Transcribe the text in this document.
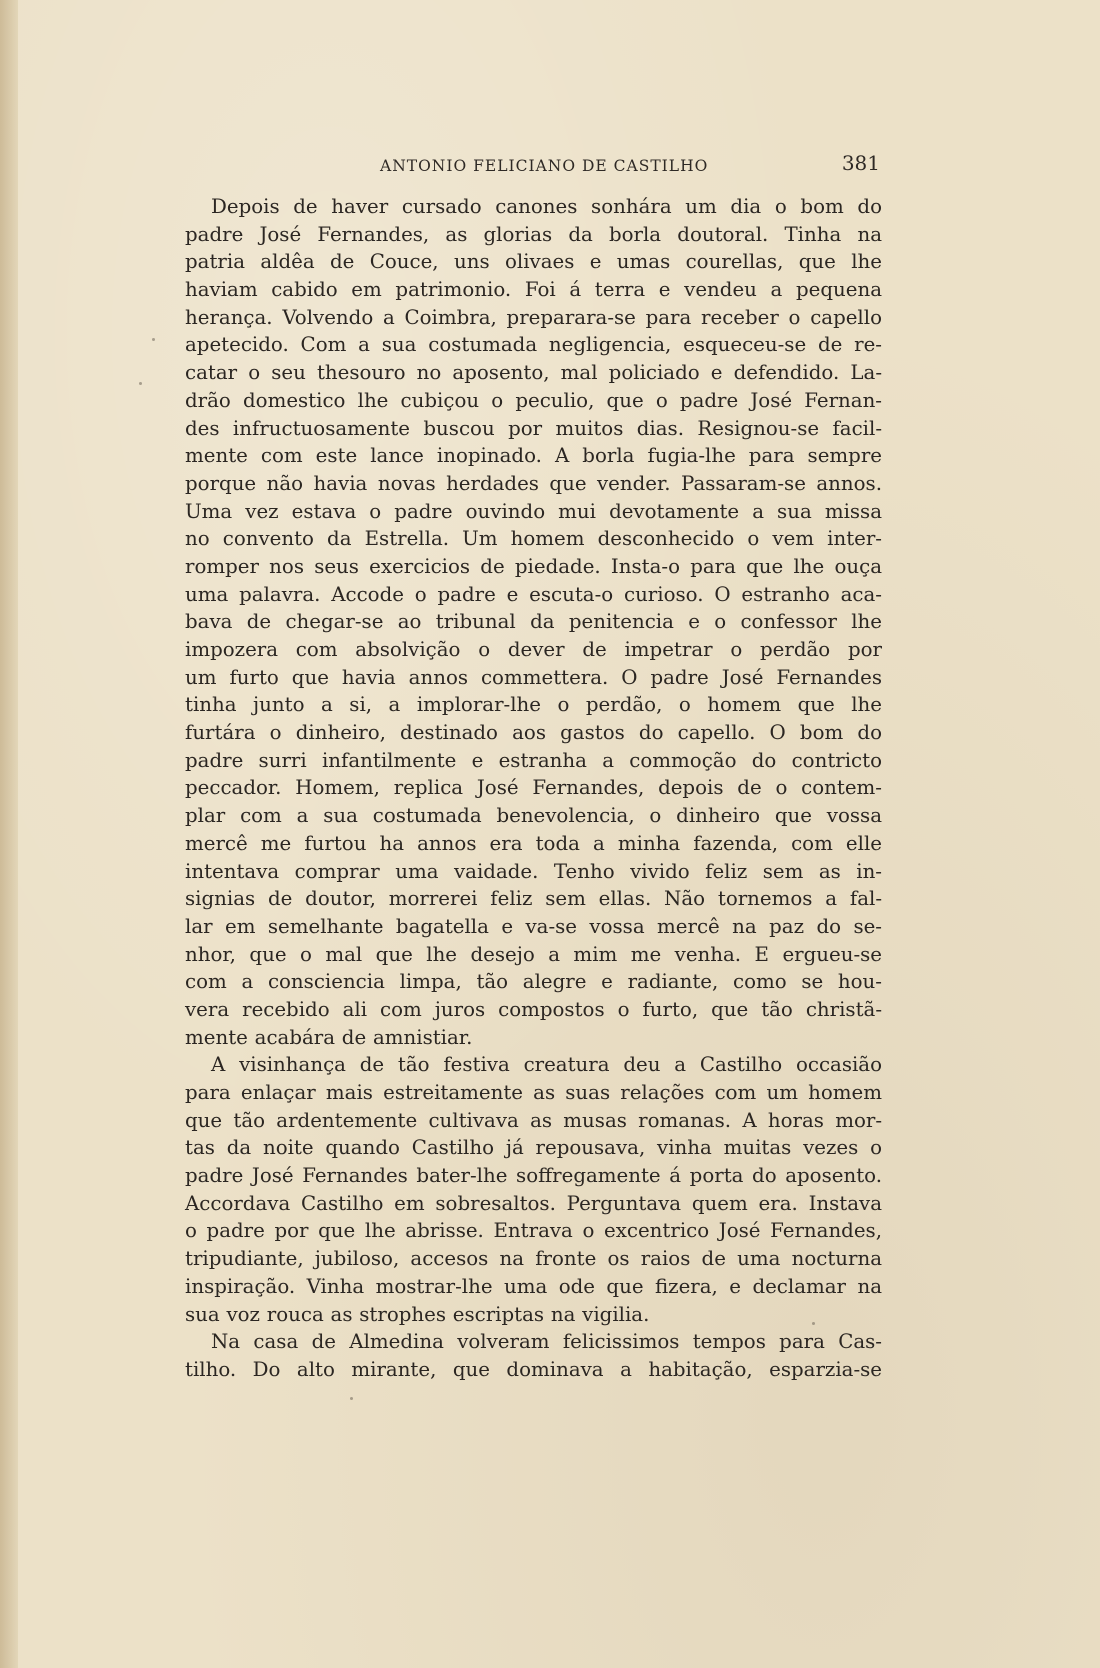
ANTONIO FELICIANO DE CASTILHO	381
Depois de haver cursado canones sonhára um dia o bom do
padre José Fernandes, as glorias da borla doutoral. Tinha na
patria aldêa de Couce, uns olivaes e umas courellas, que lhe
haviam cabido em patrimonio. Foi á terra e vendeu a pequena
herança. Volvendo a Coimbra, preparara-se para receber o capello
apetecido. Com a sua costumada negligencia, esqueceu-se de re-
catar o seu thesouro no aposento, mal policiado e defendido. La-
drão domestico lhe cubiçou o peculio, que o padre José Fernan-
des infructuosamente buscou por muitos dias. Resignou-se facil-
mente com este lance inopinado. A borla fugia-lhe para sempre
porque não havia novas herdades que vender. Passaram-se annos.
Uma vez estava o padre ouvindo mui devotamente a sua missa
no convento da Estrella. Um homem desconhecido o vem inter-
romper nos seus exercicios de piedade. Insta-o para que lhe ouça
uma palavra. Accode o padre e escuta-o curioso. O estranho aca-
bava de chegar-se ao tribunal da penitencia e o confessor lhe
impozera com absolvição o dever de impetrar o perdão por
um furto que havia annos commettera. O padre José Fernandes
tinha junto a si, a implorar-lhe o perdão, o homem que lhe
furtára o dinheiro, destinado aos gastos do capello. O bom do
padre surri infantilmente e estranha a commoção do contricto
peccador. Homem, replica José Fernandes, depois de o contem-
plar com a sua costumada benevolencia, o dinheiro que vossa
mercê me furtou ha annos era toda a minha fazenda, com elle
intentava comprar uma vaidade. Tenho vivido feliz sem as in-
signias de doutor, morrerei feliz sem ellas. Não tornemos a fal-
lar em semelhante bagatella e va-se vossa mercê na paz do se-
nhor, que o mal que lhe desejo a mim me venha. E ergueu-se
com a consciencia limpa, tão alegre e radiante, como se hou-
vera recebido ali com juros compostos o furto, que tão christã-
mente acabára de amnistiar.
A visinhança de tão festiva creatura deu a Castilho occasião
para enlaçar mais estreitamente as suas relações com um homem
que tão ardentemente cultivava as musas romanas. A horas mor-
tas da noite quando Castilho já repousava, vinha muitas vezes o
padre José Fernandes bater-lhe soffregamente á porta do aposento.
Accordava Castilho em sobresaltos. Perguntava quem era. Instava
o padre por que lhe abrisse. Entrava o excentrico José Fernandes,
tripudiante, jubiloso, accesos na fronte os raios de uma nocturna
inspiração. Vinha mostrar-lhe uma ode que fizera, e declamar na
sua voz rouca as strophes escriptas na vigilia.
Na casa de Almedina volveram felicissimos tempos para Cas-
tilho. Do alto mirante, que dominava a habitação, esparzia-se
